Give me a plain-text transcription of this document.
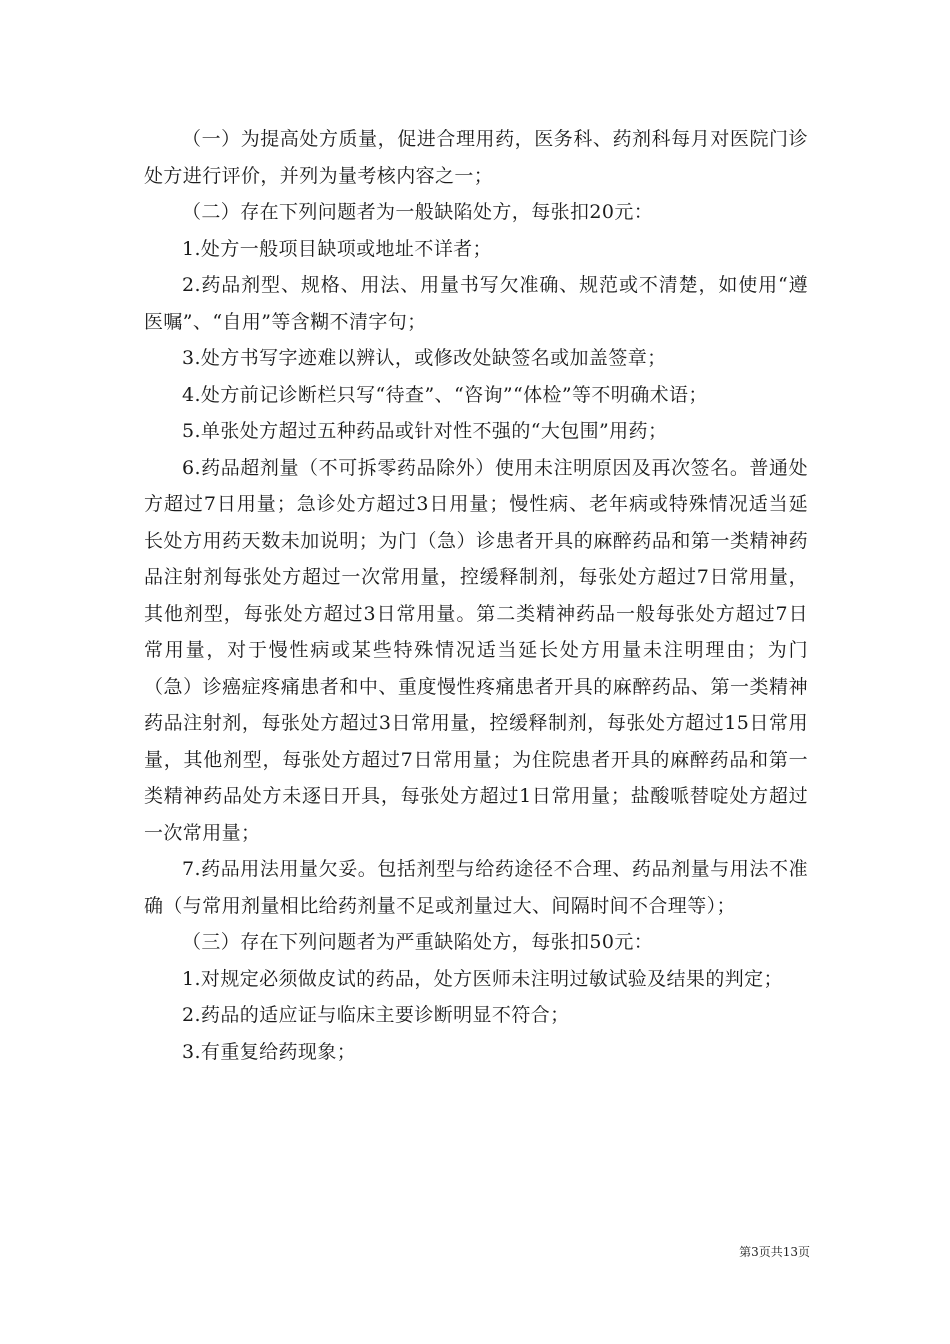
（一）为提高处方质量，促进合理用药，医务科、药剂科每月对医院门诊处方进行评价，并列为量考核内容之一；

（二）存在下列问题者为一般缺陷处方，每张扣20元：

1.处方一般项目缺项或地址不详者；

2.药品剂型、规格、用法、用量书写欠准确、规范或不清楚，如使用“遵医嘱”、“自用”等含糊不清字句；

3.处方书写字迹难以辨认，或修改处缺签名或加盖签章；

4.处方前记诊断栏只写“待查”、“咨询”“体检”等不明确术语；

5.单张处方超过五种药品或针对性不强的“大包围”用药；

6.药品超剂量（不可拆零药品除外）使用未注明原因及再次签名。普通处方超过7日用量；急诊处方超过3日用量；慢性病、老年病或特殊情况适当延长处方用药天数未加说明；为门（急）诊患者开具的麻醉药品和第一类精神药品注射剂每张处方超过一次常用量，控缓释制剂，每张处方超过7日常用量，其他剂型，每张处方超过3日常用量。第二类精神药品一般每张处方超过7日常用量，对于慢性病或某些特殊情况适当延长处方用量未注明理由；为门（急）诊癌症疼痛患者和中、重度慢性疼痛患者开具的麻醉药品、第一类精神药品注射剂，每张处方超过3日常用量，控缓释制剂，每张处方超过15日常用量，其他剂型，每张处方超过7日常用量；为住院患者开具的麻醉药品和第一类精神药品处方未逐日开具，每张处方超过1日常用量；盐酸哌替啶处方超过一次常用量；

7.药品用法用量欠妥。包括剂型与给药途径不合理、药品剂量与用法不准确（与常用剂量相比给药剂量不足或剂量过大、间隔时间不合理等）；

（三）存在下列问题者为严重缺陷处方，每张扣50元：

1.对规定必须做皮试的药品，处方医师未注明过敏试验及结果的判定；

2.药品的适应证与临床主要诊断明显不符合；

3.有重复给药现象；

第3页共13页
